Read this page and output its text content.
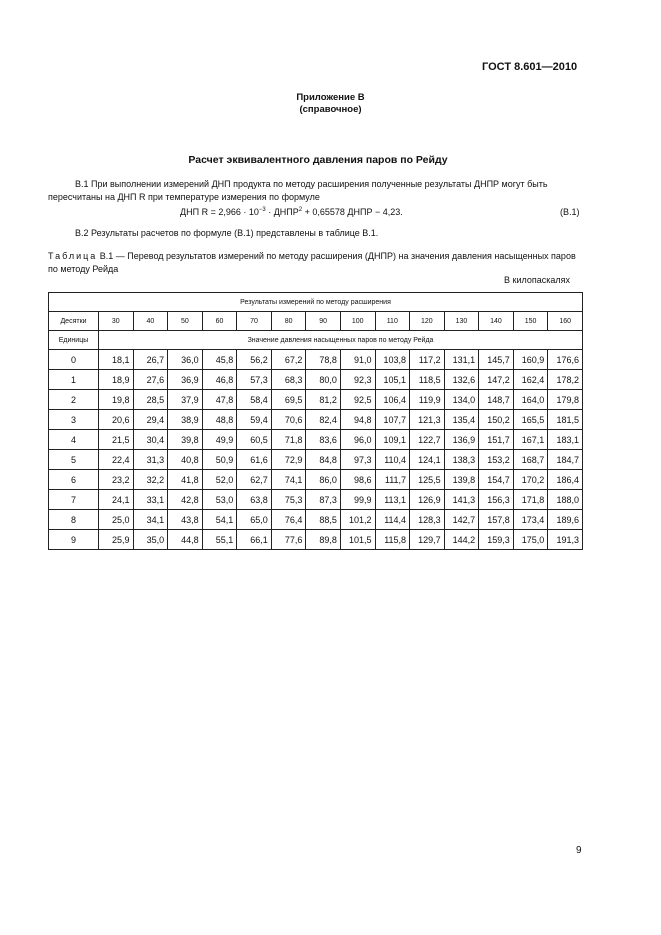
ГОСТ 8.601—2010
Приложение В
(справочное)
Расчет эквивалентного давления паров по Рейду
В.1 При выполнении измерений ДНП продукта по методу расширения полученные результаты ДНПР могут быть пересчитаны на ДНП R при температуре измерения по формуле
ДНП $R = 2,966 \cdot 10^{-3}$ · $ДНПР^2 + 0,65578$ ДНПР − 4,23.	(В.1)
В.2 Результаты расчетов по формуле (В.1) представлены в таблице В.1.
Таблица В.1 — Перевод результатов измерений по методу расширения (ДНПР) на значения давления насыщенных паров по методу Рейда
В килопаскалях
Результаты измерений по методу расширения														
Десятки	30	40	50	60	70	80	90	100	110	120	130	140	150	160
Единицы	Значение давления насыщенных паров по методу Рейда													
0	18,1	26,7	36,0	45,8	56,2	67,2	78,8	91,0	103,8	117,2	131,1	145,7	160,9	176,6
1	18,9	27,6	36,9	46,8	57,3	68,3	80,0	92,3	105,1	118,5	132,6	147,2	162,4	178,2
2	19,8	28,5	37,9	47,8	58,4	69,5	81,2	92,5	106,4	119,9	134,0	148,7	164,0	179,8
3	20,6	29,4	38,9	48,8	59,4	70,6	82,4	94,8	107,7	121,3	135,4	150,2	165,5	181,5
4	21,5	30,4	39,8	49,9	60,5	71,8	83,6	96,0	109,1	122,7	136,9	151,7	167,1	183,1
5	22,4	31,3	40,8	50,9	61,6	72,9	84,8	97,3	110,4	124,1	138,3	153,2	168,7	184,7
6	23,2	32,2	41,8	52,0	62,7	74,1	86,0	98,6	111,7	125,5	139,8	154,7	170,2	186,4
7	24,1	33,1	42,8	53,0	63,8	75,3	87,3	99,9	113,1	126,9	141,3	156,3	171,8	188,0
8	25,0	34,1	43,8	54,1	65,0	76,4	88,5	101,2	114,4	128,3	142,7	157,8	173,4	189,6
9	25,9	35,0	44,8	55,1	66,1	77,6	89,8	101,5	115,8	129,7	144,2	159,3	175,0	191,3
9
